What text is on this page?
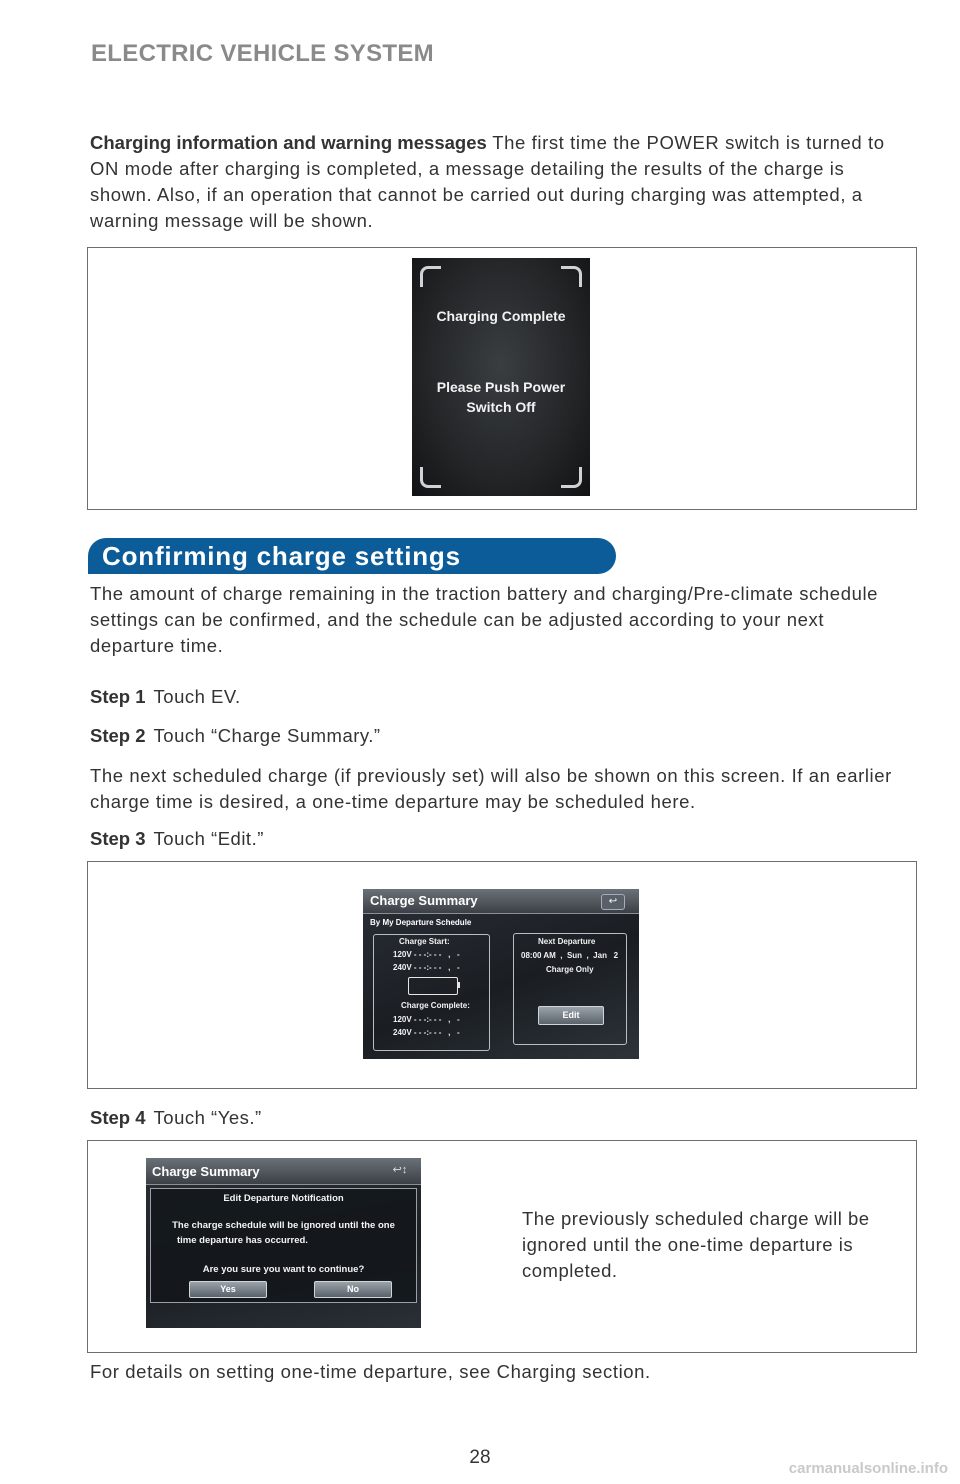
ELECTRIC VEHICLE SYSTEM
Charging information and warning messages The first time the POWER switch is turned to ON mode after charging is completed, a message detailing the results of the charge is shown. Also, if an operation that cannot be carried out during charging was attempted, a warning message will be shown.
Charging Complete
Please Push Power
Switch Off
Confirming charge settings
The amount of charge remaining in the traction battery and charging/Pre-climate schedule settings can be confirmed, and the schedule can be adjusted according to your next departure time.
Step 1 Touch EV.
Step 2 Touch “Charge Summary.”
The next scheduled charge (if previously set) will also be shown on this screen. If an earlier charge time is desired, a one-time departure may be scheduled here.
Step 3 Touch “Edit.”
Charge Summary	↩
By My Departure Schedule
Charge Start:
120V - - -:- - -   ,   -
240V - - -:- - -   ,   -
Charge Complete:
120V - - -:- - -   ,   -
240V - - -:- - -   ,   -
Next Departure
08:00 AM  ,  Sun  ,  Jan   2
Charge Only
Edit
Step 4 Touch “Yes.”
Charge Summary	↩↕
Edit Departure Notification
The charge schedule will be ignored until the one
time departure has occurred.
Are you sure you want to continue?
Yes	No
The previously scheduled charge will be ignored until the one-time departure is completed.
For details on setting one-time departure, see Charging section.
28
carmanualsonline.info
